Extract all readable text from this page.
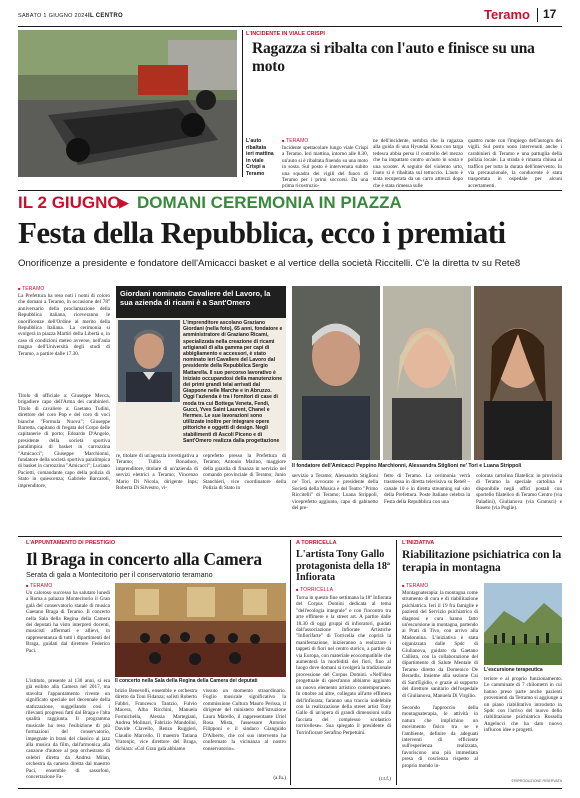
SABATO 1 GIUGNO 2024 IL CENTRO	Teramo 17
L'auto ribaltata ieri mattina in viale Crispi a Teramo
L'INCIDENTE IN VIALE CRISPI
Ragazza si ribalta con l'auto e finisce su una moto
■ TERAMO
Incidente spettacolare lungo viale Crispi a Teramo. Ieri mattina, intorno alle 8.30, un'auto si è ribaltata finendo su una moto in sosta. Sul posto è intervenuta subito una squadra dei vigili del fuoco di Teramo per i primi soccorsi. Da una prima ricostruzio-
ne dell'incidente, sembra che la ragazza alla guida di una Hyundai Kona con targa tedesca abbia perso il controllo del mezzo che ha impattato contro un'auto in sosta e una scooter. A seguito del violento urto, l'auto si è ribaltata sul tettuccio. L'auto è stata recuperata da un carro attrezzi dopo che è stata rimessa sulle
quattro ruote con l'impiego dell'autogru dei vigili. Sul posto sono intervenuti anche i carabinieri di Teramo e una pattuglia della polizia locale. La strada è rimasta chiusa al traffico per tutta la durata dell'intervento. In via precauzionale, la conducente è stata trasportata in ospedale per alcuni accertamenti.
IL 2 GIUGNO
▶ DOMANI CEREMONIA IN PIAZZA
Festa della Repubblica, ecco i premiati
Onorificenze a presidente e fondatore dell'Amicacci basket e al vertice della società Riccitelli. C'è la diretta tv su Rete8
■ TERAMO
La Prefettura ha reso noti i nomi di coloro che domani a Teramo, in occasione del 78° anniversario della proclamazione della Repubblica italiana, riceveranno le onorificenze dell'Ordine al merito della Repubblica Italiana. La cerimonia si svolgerà in piazza Martiri della Libertà o, in caso di condizioni meteo avverse, nell'aula magna dell'Università degli studi di Teramo, a partire dalle 17.30.
Titolo di ufficiale a: Giuseppe Mecca, brigadiere capo dell'Arma dei carabinieri. Titolo di cavaliere a: Gaetano Tudini, direttore del coro Pop e del coro di voci bianche "Formula Nuova"; Giuseppe Barretta, capitano di fregata del Corpo delle capitanerie di porto; Edoardo D'Angelo, presidente della società sportiva paralimpica di basket in carrozzina "Amicacci"; Giuseppe Marchionni, fondatore della società sportiva paralimpica di basket in carrozzina "Amicacci"; Luciano Paciotti, comandante capo della polizia di Stato in quiescenza; Gabriele Barcaroli, imprenditore,
Giordani nominato Cavaliere del Lavoro, la sua azienda di ricami è a Sant'Omero
L'imprenditore ascolano Graziano Giordani (nella foto), 65 anni, fondatore e amministratore di Graziano Ricami, specializzata nella creazione di ricami artigianali di alta gamma per capi di abbigliamento e accessori, è stato nominato ieri Cavaliere del Lavoro dal presidente della Repubblica Sergio Mattarella. Il suo percorso lavorativo è iniziato occupandosi della manutenzione dei primi grandi telai arrivati dal Giappone nelle Marche e in Abruzzo. Oggi l'azienda è tra i fornitori di case di moda tra cui Bottega Veneta, Fendi, Gucci, Yves Saint Laurent, Chanel e Hermes. Le sue lavorazioni sono utilizzate inoltre per integrare opere pittoriche e oggetti di design. Negli stabilimenti di Ascoli Piceno e di Sant'Omero realizza dalla progettazione
re, titolare di un'agenzia investigativa a Teramo; Tullio Bonaduce, imprenditore, titolare di un'azienda di servizi elettrici a Teramo; Vincenzo Mario Di Nicola, dirigente Inps; Roberta Di Silvestro, vi-
ceprefetto presso la Prefettura di Teramo; Antonio Marino, maggiore della guardia di finanza in servizio nel comando provinciale di Teramo; Junio Stanchieri, vice coordinatore della Polizia di Stato in
Il fondatore dell'Amicacci Peppino Marchionni, Alessandra Stiglioni ne' Tori e Luana Strippoli
servizio a Teramo; Alessandra Stiglioni ne' Tori, avvocato e presidente della Società della Musica e del Teatro "Primo Riccitelli" di Teramo; Luana Strippoli, viceprefetto aggiunto, capo di gabinetto del pre-
fetto di Teramo. La cerimonia verrà trasmessa in diretta televisiva su Rete8 – canale 10 e in diretta streaming sul sito della Prefettura. Poste Italiane celebra la Festa della Repubblica con una
colorata cartolina filatelica: in provincia di Teramo la speciale cartolina è disponibile negli uffici postali con sportello filatelico di Teramo Centro (via Paladini), Giulianova (via Gramsci) e Roseto (via Puglie).
L'APPUNTAMENTO DI PRESTIGIO
Il Braga in concerto alla Camera
Serata di gala a Montecitorio per il conservatorio teramano
■ TERAMO
Un caloroso successo ha salutato lunedì a Roma a palazzo Montecitorio il Gran galà del conservatorio statale di musica Gaetano Braga di Teramo. Il concerto nella Sala della Regina della Camera dei deputati ha visto interpreti docenti, musicisti affermati e allievi, in rappresentanza di tutti i dipartimenti del Braga, guidati dal direttore Federico Paci.
L'istituto, presente al 130 anni, si era già esibito alla Camera nel 2017, ma stavolta l'appuntamento riveste un significato speciale nel decennale della statizzazione, suggellando così i rilevanti progressi fatti dal Braga e l'alta qualità raggiunta. Il programma musicale ha reso l'esibizione di più formazioni del conservatorio, impegnate in brani del classico al jazz alla musica da film, dall'armonica alla canzone d'autore al pop orchestrato di celebri diretta da Andrea Milan, orchestra da camera diretta dal maestro Paci, ensemble di sassofoni, concertazione Fa-
Il concerto nella Sala della Regina della Camera dei deputati
brizio Benevelli, ensemble e orchestra diretto da Toni Fidanza; solisti Roberto Fabbri, Francesco Tantzio, Fulvio Macera, Alba Ricchini, Manuela Formichella, Alessia Martegiani, Andrea Molinari, Fabrizio Mandolini, Davide Clavello, Renzo Ruggieri, Claudio Marcello. Il maestro Tatiana Vratonjic, vice direttore del Braga, dichiara: «Col Gran galà abbiamo
vissuto un momento straordinario. Foglio musicale significativo la commissione Cultura Mauro Perissa, il dirigente del ministero dell'istruzione Laura Marello, il rappresentante Uriel Rosa Mista, l'assessore Antonio Filipponi e il sindaco Gianguido D'Alberto, che col suo intervento ha confermato la vicinanza al nostro conservatorio».
(a.fu.)
A TORRICELLA
L'artista Tony Gallo protagonista della 18ª Infiorata
■ TORRICELLA
Torna in questo fine settimana la 18ª Infiorata del Corpus Domini dedicata al tema "dell'ecologia integrale" e con l'incontro tra arte effimere e la street art. A partire dalle 18.30 di oggi gruppi di infioratori, guidati dall'associazione Infiorate Artistiche "Infiorifarte" di Torricella che coprirà la manifestazione, inizieranno a realizzare i tappeti di fiori nel centro storico, a partire da via Europa, con materiale ecocompatibile che aumenterà la morbidità dei fiori, fino al luogo dove domani si svolgerà la tradizionale processione del Corpus Domini. «Nell'idea progettuale di quest'anno abbiamo aggiunto un nuovo elemento artistico contemporaneo. In ottobre ad altre, collegato all'arte effimera dell'infiorata, faranno una traccia indelebile con la realizzazione della street artist Tony Gallo di un'opera di grandi dimensioni sulla facciata del complesso scolastico torricellese». Sua spiegato il presidente di Torrinfiorare Serafino Perpetuini.
(r.t.f.)
L'INIZIATIVA
Riabilitazione psichiatrica con la terapia in montagna
■ TERAMO
Montagnaterapia: la montagna come strumento di cura e di riabilitazione psichiatrica. Ieri il 19 fra famiglie e pazienti del Servizio psichiatrico di diagnosi e cura hanno fatto un'escursione in montagna, partendo ai Prati di Tivo, con arrivo alla Madonnina. L'iniziativa è stata organizzata dalle Spdc di Giulianova, guidato da Gaetano Callista, con la collaborazione del dipartimento di Salute Mentale di Teramo diretto da Domenico De Berardis. Insieme alla sezione Cai di Sant'Egidio, e grazie al supporto del direttore sanitario dell'ospedale di Giulianova, Manuela Di Virgilio.
Secondo l'approccio della montagnaterapia, le attività in natura che implichino un movimento fisico tra se e l'ambiente, definire da adeguati interventi di efficiente sull'esperienza realizzata, favoriscono una più immediata presa di coscienza rispetto al proprio mondo in-
L'escursione terapeutica
teriore e al proprio funzionamento. Le camminate di 7 chilometri in cui hanno preso parte anche pazienti provenienti da Terramo si aggiunge a un piano riabilitativo introdotto in Spdc con l'arrivo del nuovo dello riabilitazione psichiatrica Rossella Angelucci che ha dato nuovo influcon idee e progetti.
©RIPRODUZIONE RISERVATA
